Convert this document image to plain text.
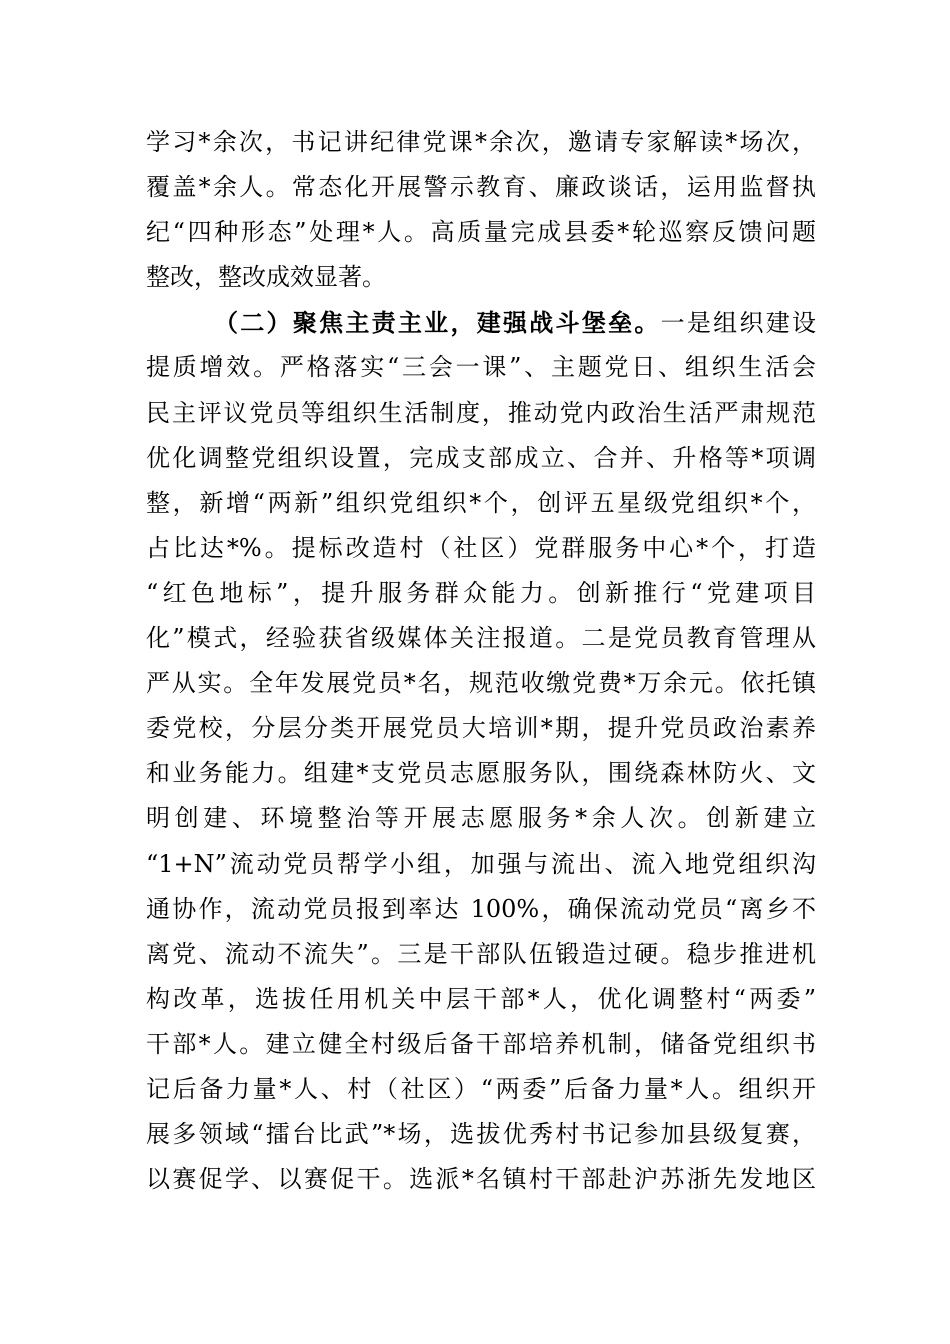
学习*余次，书记讲纪律党课*余次，邀请专家解读*场次，
覆盖*余人。常态化开展警示教育、廉政谈话，运用监督执
纪“四种形态”处理*人。高质量完成县委*轮巡察反馈问题
整改，整改成效显著。
（二）聚焦主责主业，建强战斗堡垒。一是组织建设
提质增效。严格落实“三会一课”、主题党日、组织生活会
民主评议党员等组织生活制度，推动党内政治生活严肃规范
优化调整党组织设置，完成支部成立、合并、升格等*项调
整，新增“两新”组织党组织*个，创评五星级党组织*个，
占比达*%。提标改造村（社区）党群服务中心*个，打造
“红色地标”，提升服务群众能力。创新推行“党建项目
化”模式，经验获省级媒体关注报道。二是党员教育管理从
严从实。全年发展党员*名，规范收缴党费*万余元。依托镇
委党校，分层分类开展党员大培训*期，提升党员政治素养
和业务能力。组建*支党员志愿服务队，围绕森林防火、文
明创建、环境整治等开展志愿服务*余人次。创新建立
“1+N”流动党员帮学小组，加强与流出、流入地党组织沟
通协作，流动党员报到率达 100%，确保流动党员“离乡不
离党、流动不流失”。三是干部队伍锻造过硬。稳步推进机
构改革，选拔任用机关中层干部*人，优化调整村“两委”
干部*人。建立健全村级后备干部培养机制，储备党组织书
记后备力量*人、村（社区）“两委”后备力量*人。组织开
展多领域“擂台比武”*场，选拔优秀村书记参加县级复赛，
以赛促学、以赛促干。选派*名镇村干部赴沪苏浙先发地区
